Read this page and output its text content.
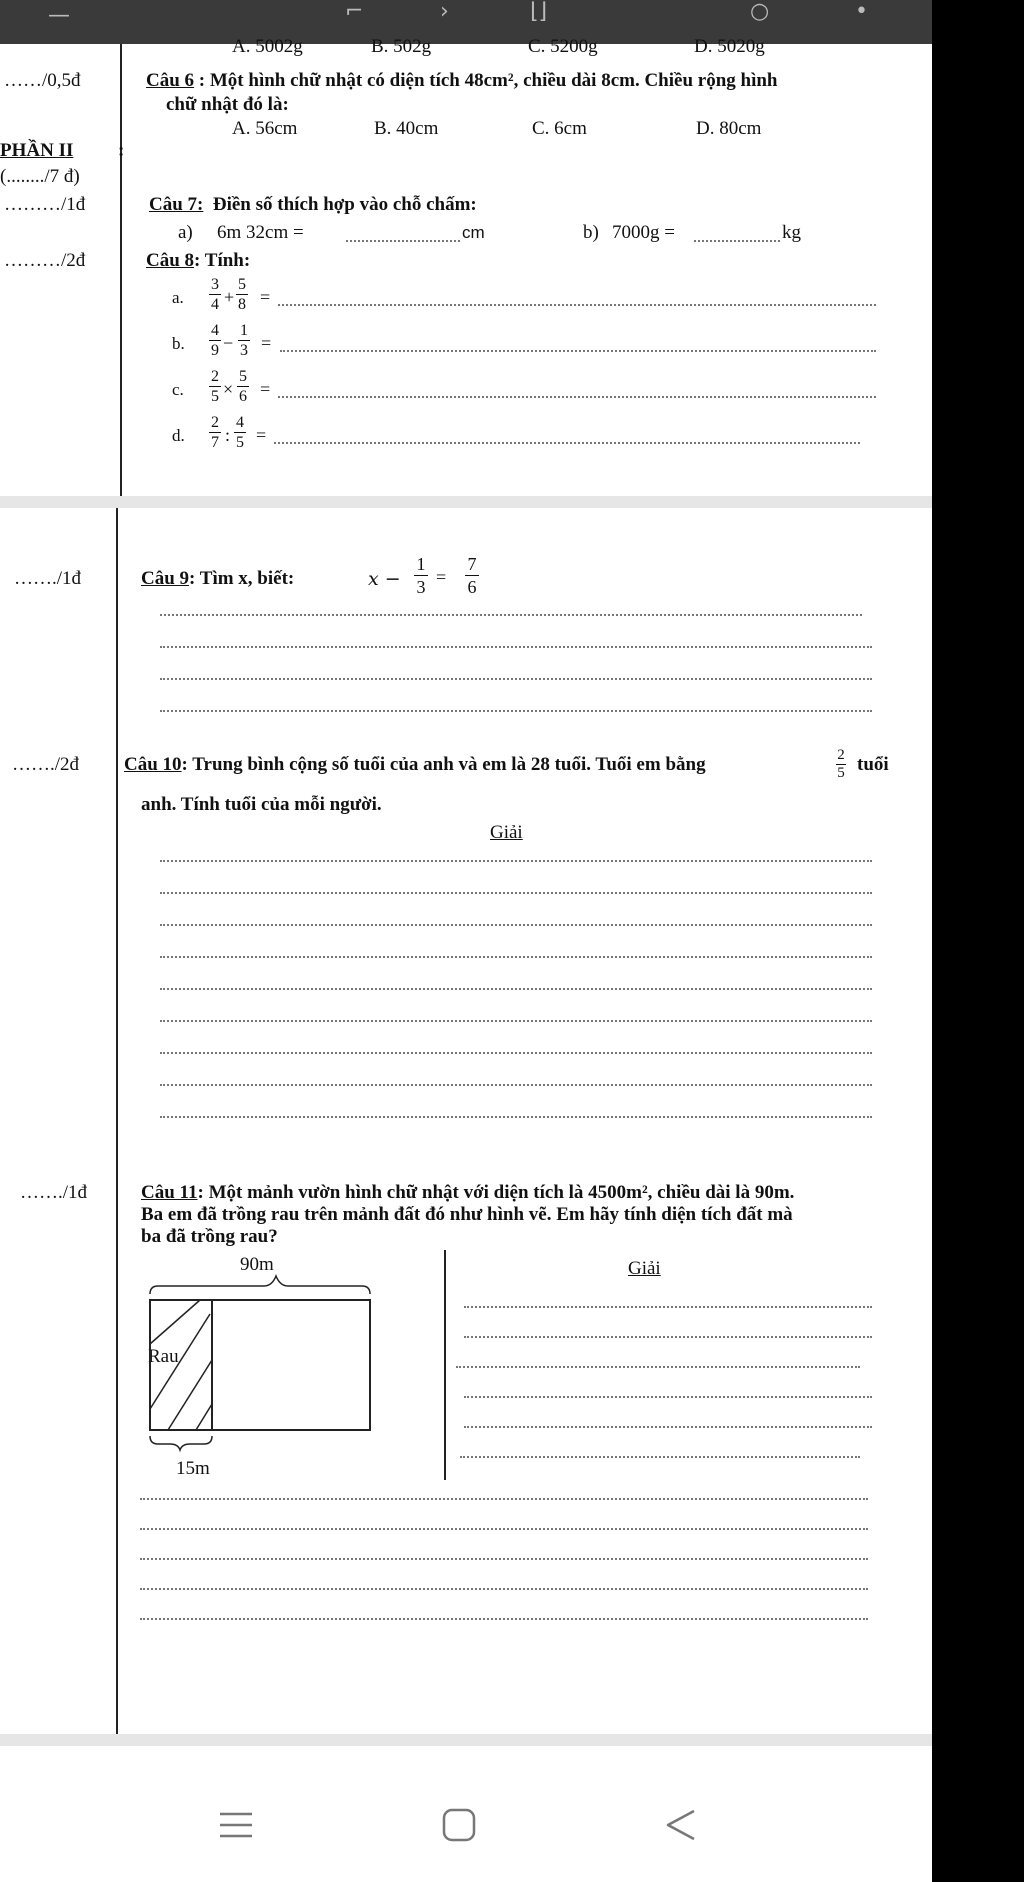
—	⌐	›	⌊⌋	○	•
A. 5002g	B. 502g	C. 5200g	D. 5020g
……/0,5đ	Câu 6 : Một hình chữ nhật có diện tích 48cm², chiều dài 8cm. Chiều rộng hình
chữ nhật đó là:
A. 56cm	B. 40cm	C. 6cm	D. 80cm
PHẦN II :
(......../7 đ)
………/1đ	Câu 7: Điền số thích hợp vào chỗ chấm:
a) 6m 32cm =	cm	b) 7000g =	kg
………/2đ	Câu 8: Tính:
a.
3
4 +
5
8 =
b.
4
9 −
1
3 =
c.
2
5 ×
5
6 =
d.
2
7 :
4
5 =
……./1đ	Câu 9: Tìm x, biết:	x −
1
3 =
7
6
……./2đ Câu 10: Trung bình cộng số tuổi của anh và em là 28 tuổi. Tuổi em bằng	2
5 tuổi
anh. Tính tuổi của mỗi người.
Giải
……./1đ	Câu 11: Một mảnh vườn hình chữ nhật với diện tích là 4500m², chiều dài là 90m.
Ba em đã trồng rau trên mảnh đất đó như hình vẽ. Em hãy tính diện tích đất mà
ba đã trồng rau?
90m
Rau
15m
Giải
